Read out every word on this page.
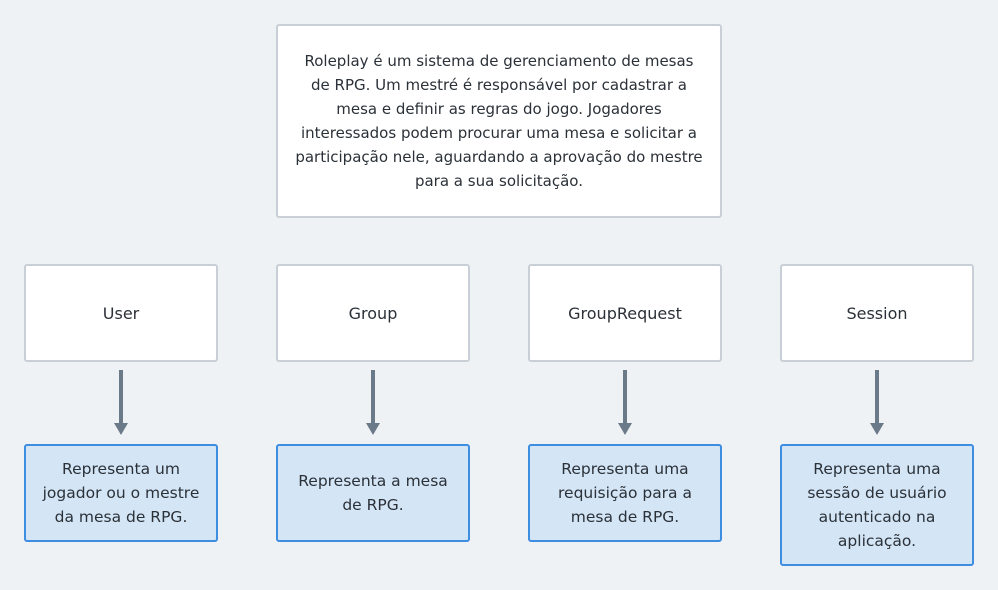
Roleplay é um sistema de gerenciamento de mesas
de RPG. Um mestré é responsável por cadastrar a
mesa e definir as regras do jogo. Jogadores
interessados podem procurar uma mesa e solicitar a
participação nele, aguardando a aprovação do mestre
para a sua solicitação.
User
Representa um
jogador ou o mestre
da mesa de RPG.
Group
Representa a mesa
de RPG.
GroupRequest
Representa uma
requisição para a
mesa de RPG.
Session
Representa uma
sessão de usuário
autenticado na
aplicação.
